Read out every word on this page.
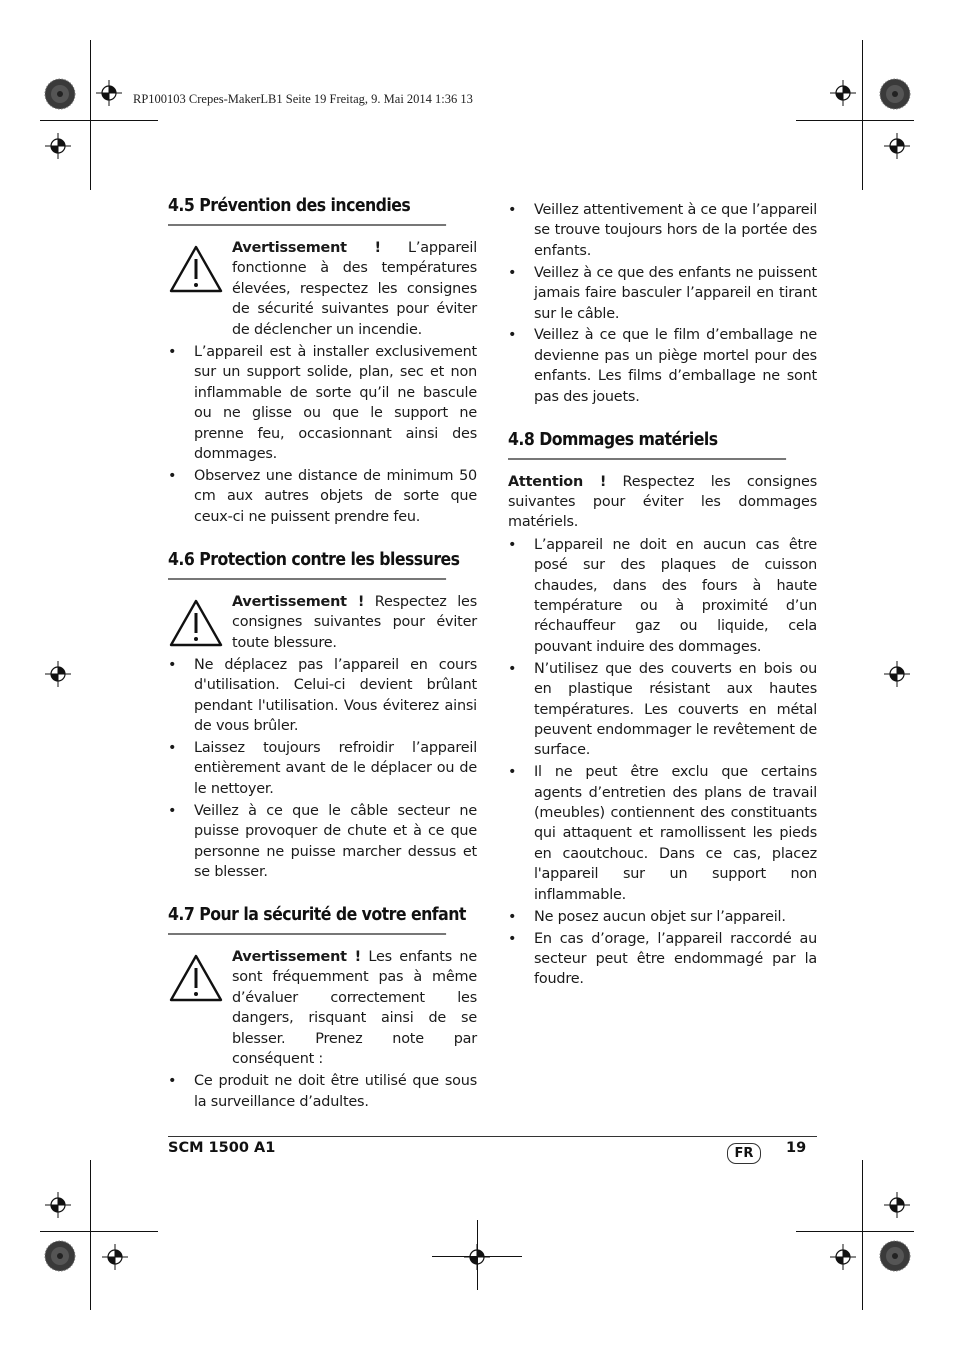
RP100103 Crepes-MakerLB1 Seite 19 Freitag, 9. Mai 2014 1:36 13
4.5 Prévention des incendies

Avertissement ! L’appareil fonctionne à des températures élevées, respectez les consignes de sécurité suivantes pour éviter de déclencher un incendie.

• L’appareil est à installer exclusivement sur un support solide, plan, sec et non inflammable de sorte qu’il ne bascule ou ne glisse ou que le support ne prenne feu, occasionnant ainsi des dommages.
• Observez une distance de minimum 50 cm aux autres objets de sorte que ceux-ci ne puissent prendre feu.
4.6 Protection contre les blessures

Avertissement ! Respectez les consignes suivantes pour éviter toute blessure.

• Ne déplacez pas l’appareil en cours d'utilisation. Celui-ci devient brûlant pendant l'utilisation. Vous éviterez ainsi de vous brûler.
• Laissez toujours refroidir l’appareil entièrement avant de le déplacer ou de le nettoyer.
• Veillez à ce que le câble secteur ne puisse provoquer de chute et à ce que personne ne puisse marcher dessus et se blesser.
4.7 Pour la sécurité de votre enfant

Avertissement ! Les enfants ne sont fréquemment pas à même d’évaluer correctement les dangers, risquant ainsi de se blesser. Prenez note par conséquent :

• Ce produit ne doit être utilisé que sous la surveillance d’adultes.
• Veillez attentivement à ce que l’appareil se trouve toujours hors de la portée des enfants.
• Veillez à ce que des enfants ne puissent jamais faire basculer l’appareil en tirant sur le câble.
• Veillez à ce que le film d’emballage ne devienne pas un piège mortel pour des enfants. Les films d’emballage ne sont pas des jouets.
4.8 Dommages matériels

Attention ! Respectez les consignes suivantes pour éviter les dommages matériels.

• L’appareil ne doit en aucun cas être posé sur des plaques de cuisson chaudes, dans des fours à haute température ou à proximité d’un réchauffeur gaz ou liquide, cela pouvant induire des dommages.
• N’utilisez que des couverts en bois ou en plastique résistant aux hautes températures. Les couverts en métal peuvent endommager le revêtement de surface.
• Il ne peut être exclu que certains agents d’entretien des plans de travail (meubles) contiennent des constituants qui attaquent et ramollissent les pieds en caoutchouc. Dans ce cas, placez l'appareil sur un support non inflammable.
• Ne posez aucun objet sur l’appareil.
• En cas d’orage, l’appareil raccordé au secteur peut être endommagé par la foudre.
SCM 1500 A1	FR	19
